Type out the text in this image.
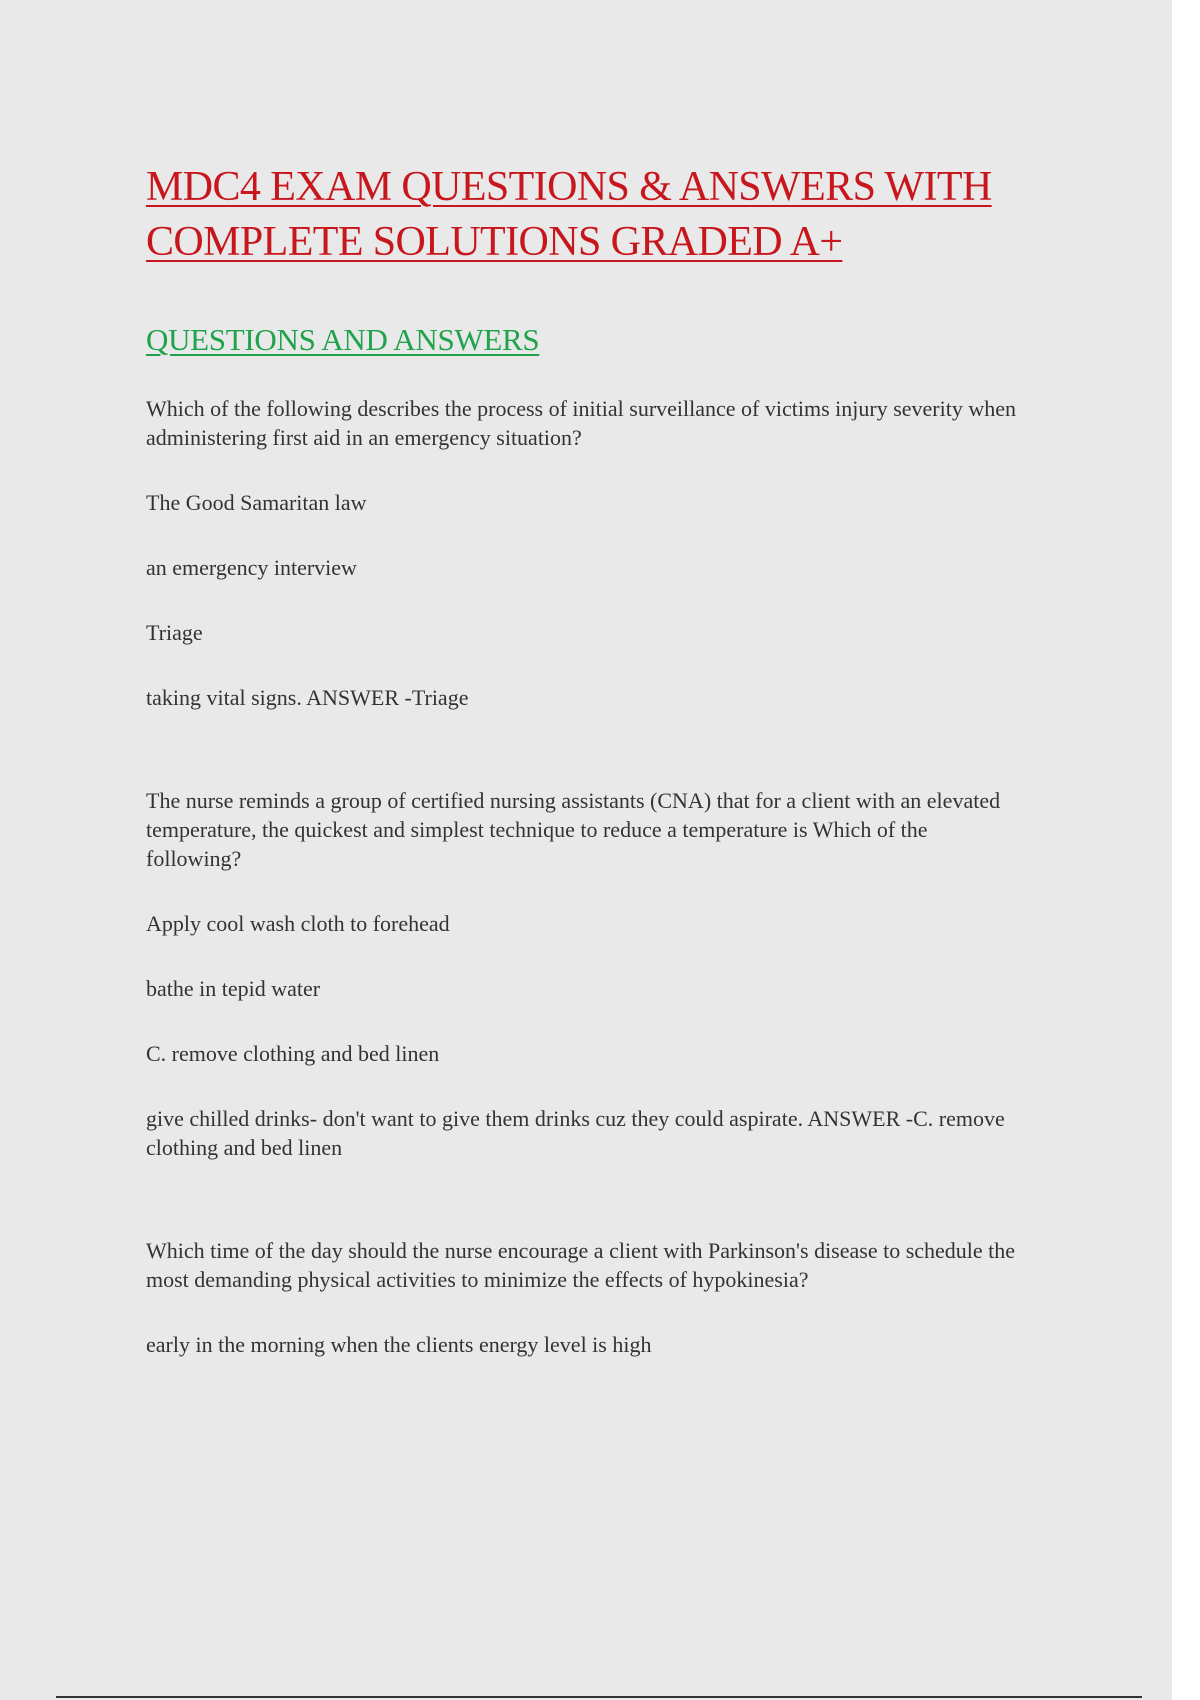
MDC4 EXAM QUESTIONS & ANSWERS WITH COMPLETE SOLUTIONS GRADED A+
QUESTIONS AND ANSWERS

Which of the following describes the process of initial surveillance of victims injury severity when administering first aid in an emergency situation?

The Good Samaritan law

an emergency interview

Triage

taking vital signs. ANSWER -Triage

The nurse reminds a group of certified nursing assistants (CNA) that for a client with an elevated temperature, the quickest and simplest technique to reduce a temperature is Which of the following?

Apply cool wash cloth to forehead

bathe in tepid water

C. remove clothing and bed linen

give chilled drinks- don't want to give them drinks cuz they could aspirate. ANSWER -C. remove clothing and bed linen

Which time of the day should the nurse encourage a client with Parkinson's disease to schedule the most demanding physical activities to minimize the effects of hypokinesia?

early in the morning when the clients energy level is high
